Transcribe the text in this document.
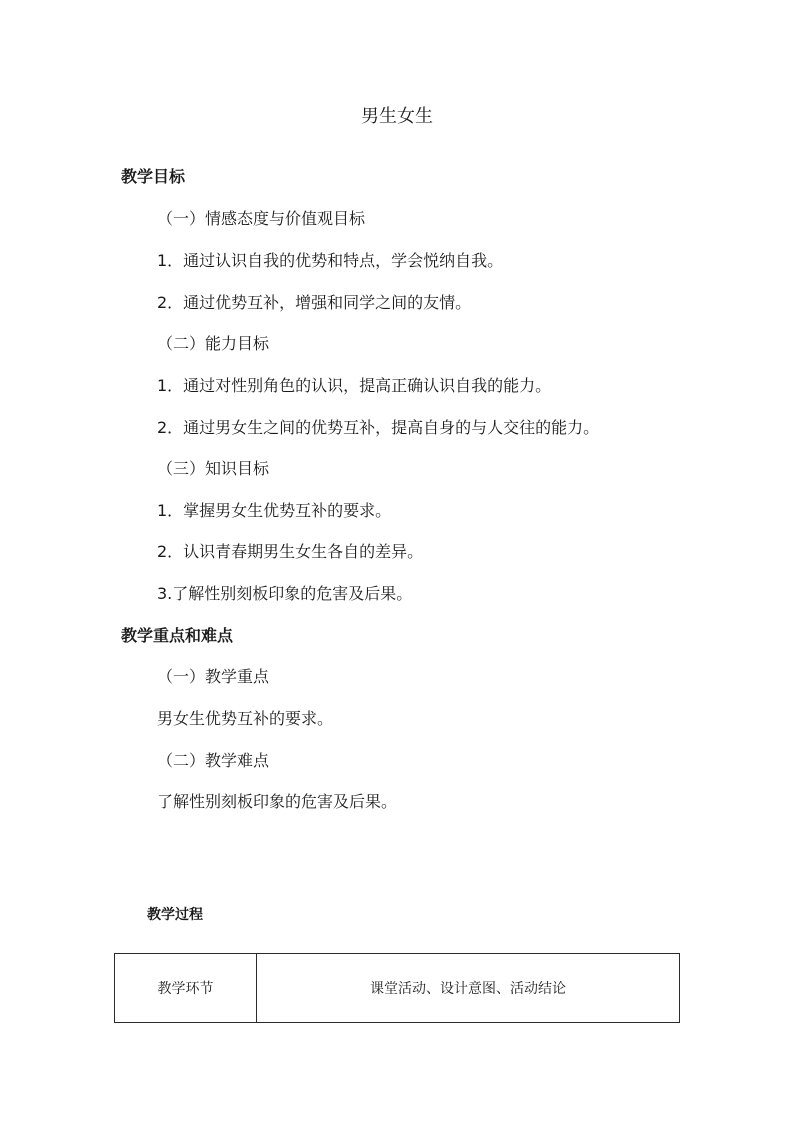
男生女生
教学目标
（一）情感态度与价值观目标
1．通过认识自我的优势和特点，学会悦纳自我。
2．通过优势互补，增强和同学之间的友情。
（二）能力目标
1．通过对性别角色的认识，提高正确认识自我的能力。
2．通过男女生之间的优势互补，提高自身的与人交往的能力。
（三）知识目标
1．掌握男女生优势互补的要求。
2．认识青春期男生女生各自的差异。
3.了解性别刻板印象的危害及后果。
教学重点和难点
（一）教学重点
男女生优势互补的要求。
（二）教学难点
了解性别刻板印象的危害及后果。
教学过程
教学环节	课堂活动、设计意图、活动结论
